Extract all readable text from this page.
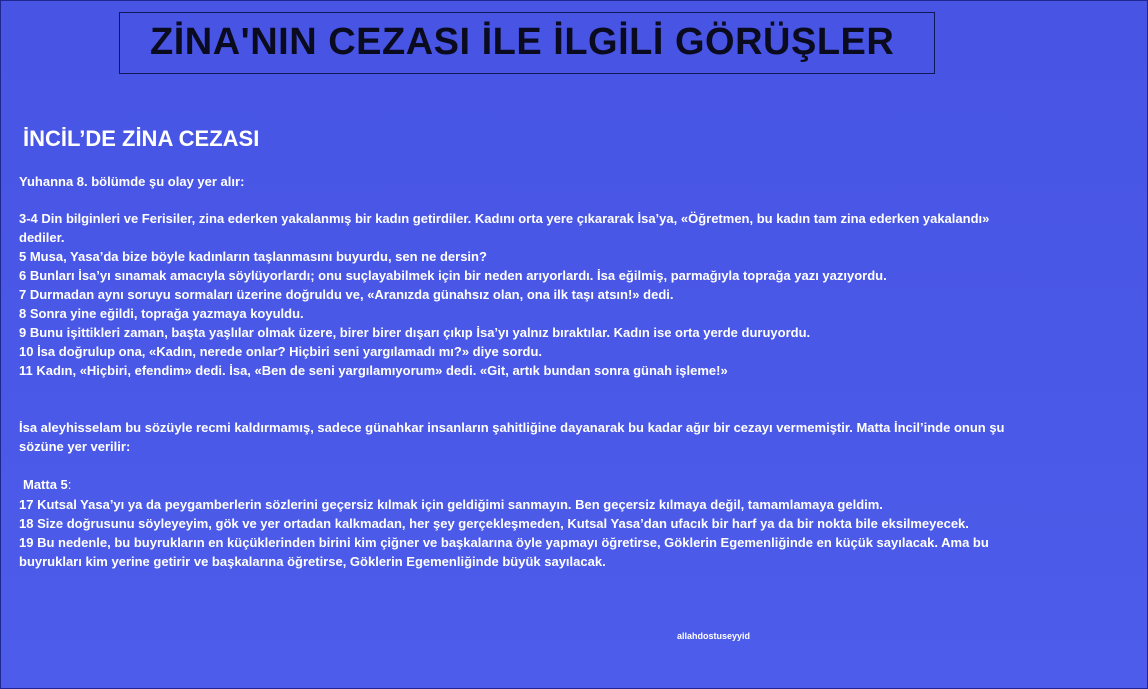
ZİNA'NIN CEZASI İLE İLGİLİ GÖRÜŞLER
İNCİL’DE ZİNA CEZASI
Yuhanna 8. bölümde şu olay yer alır:
3-4 Din bilginleri ve Ferisiler, zina ederken yakalanmış bir kadın getirdiler. Kadını orta yere çıkararak İsa’ya, «Öğretmen, bu kadın tam zina ederken yakalandı»
dediler.
5 Musa, Yasa’da bize böyle kadınların taşlanmasını buyurdu, sen ne dersin?
6 Bunları İsa’yı sınamak amacıyla söylüyorlardı; onu suçlayabilmek için bir neden arıyorlardı. İsa eğilmiş, parmağıyla toprağa yazı yazıyordu.
7 Durmadan aynı soruyu sormaları üzerine doğruldu ve, «Aranızda günahsız olan, ona ilk taşı atsın!» dedi.
8 Sonra yine eğildi, toprağa yazmaya koyuldu.
9 Bunu işittikleri zaman, başta yaşlılar olmak üzere, birer birer dışarı çıkıp İsa’yı yalnız bıraktılar. Kadın ise orta yerde duruyordu.
10 İsa doğrulup ona, «Kadın, nerede onlar? Hiçbiri seni yargılamadı mı?» diye sordu.
11 Kadın, «Hiçbiri, efendim» dedi. İsa, «Ben de seni yargılamıyorum» dedi. «Git, artık bundan sonra günah işleme!»
İsa aleyhisselam bu sözüyle recmi kaldırmamış, sadece günahkar insanların şahitliğine dayanarak bu kadar ağır bir cezayı vermemiştir. Matta İncil’inde onun şu
sözüne yer verilir:
Matta 5:
17 Kutsal Yasa’yı ya da peygamberlerin sözlerini geçersiz kılmak için geldiğimi sanmayın. Ben geçersiz kılmaya değil, tamamlamaya geldim.
18 Size doğrusunu söyleyeyim, gök ve yer ortadan kalkmadan, her şey gerçekleşmeden, Kutsal Yasa’dan ufacık bir harf ya da bir nokta bile eksilmeyecek.
19 Bu nedenle, bu buyrukların en küçüklerinden birini kim çiğner ve başkalarına öyle yapmayı öğretirse, Göklerin Egemenliğinde en küçük sayılacak. Ama bu
buyrukları kim yerine getirir ve başkalarına öğretirse, Göklerin Egemenliğinde büyük sayılacak.
allahdostuseyyid
